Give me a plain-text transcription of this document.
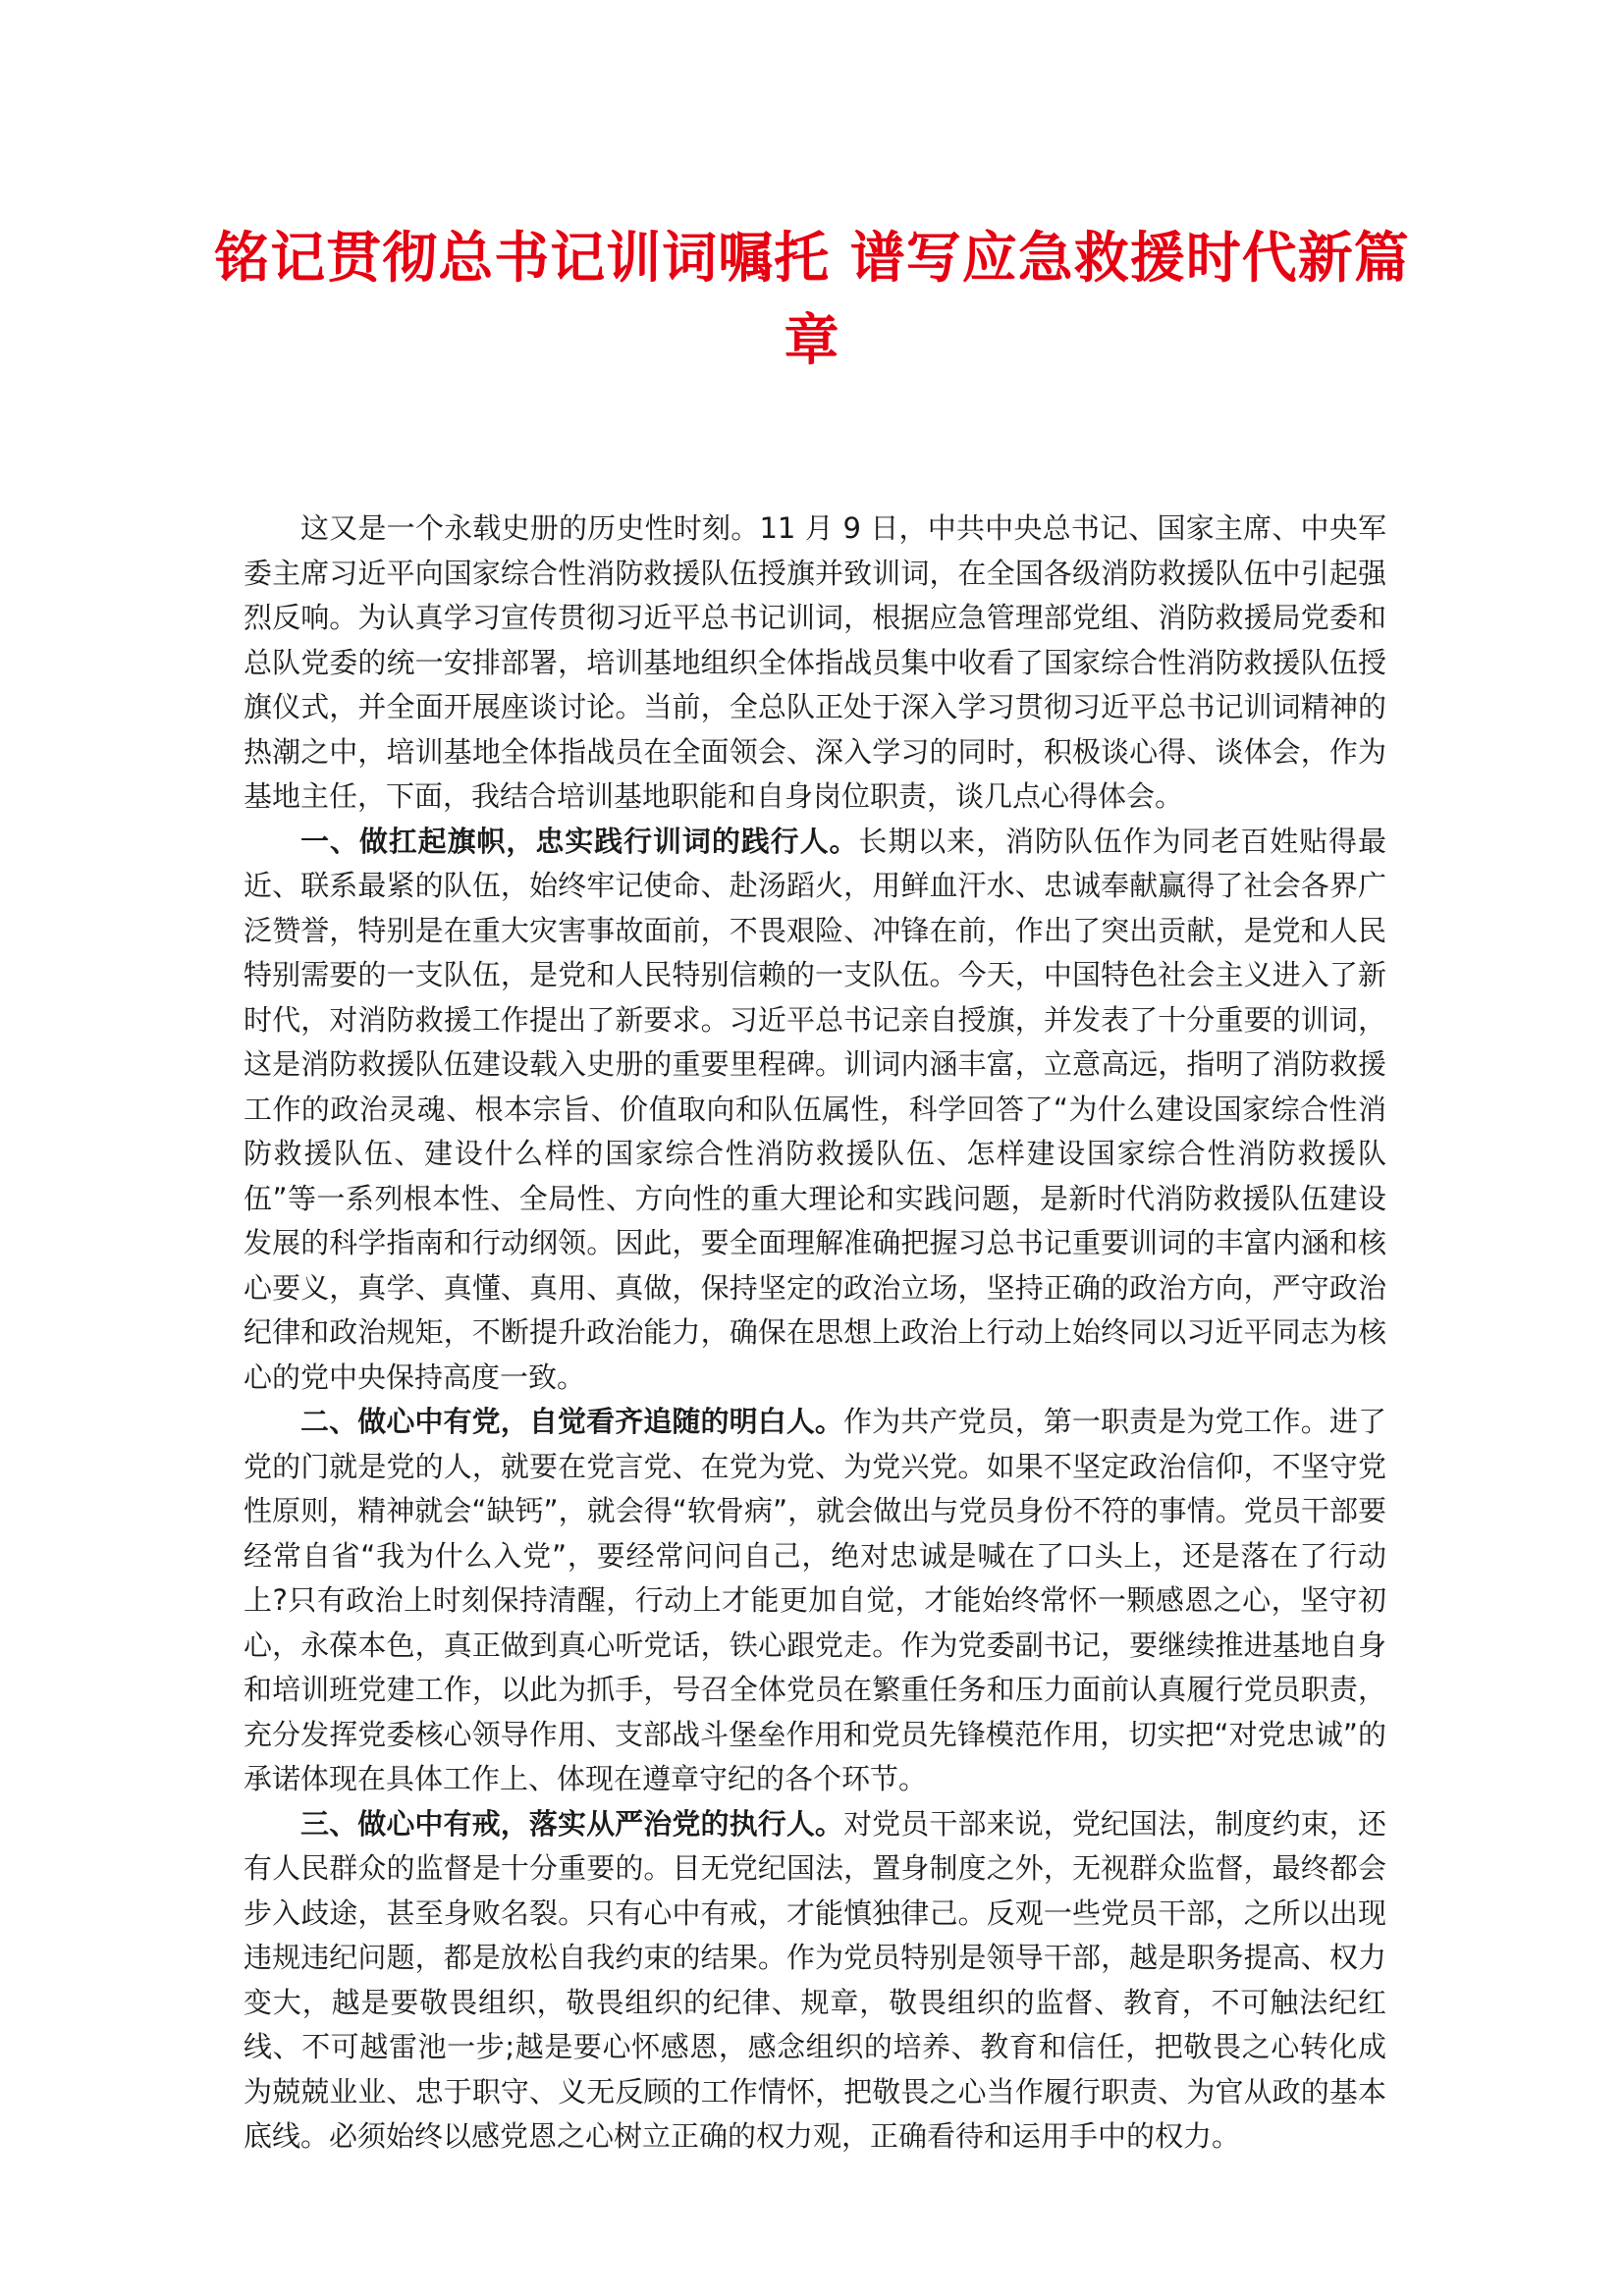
铭记贯彻总书记训词嘱托 谱写应急救援时代新篇章

这又是一个永载史册的历史性时刻。11 月 9 日，中共中央总书记、国家主席、中央军委主席习近平向国家综合性消防救援队伍授旗并致训词，在全国各级消防救援队伍中引起强烈反响。为认真学习宣传贯彻习近平总书记训词，根据应急管理部党组、消防救援局党委和总队党委的统一安排部署，培训基地组织全体指战员集中收看了国家综合性消防救援队伍授旗仪式，并全面开展座谈讨论。当前，全总队正处于深入学习贯彻习近平总书记训词精神的热潮之中，培训基地全体指战员在全面领会、深入学习的同时，积极谈心得、谈体会，作为基地主任，下面，我结合培训基地职能和自身岗位职责，谈几点心得体会。

一、做扛起旗帜，忠实践行训词的践行人。长期以来，消防队伍作为同老百姓贴得最近、联系最紧的队伍，始终牢记使命、赴汤蹈火，用鲜血汗水、忠诚奉献赢得了社会各界广泛赞誉，特别是在重大灾害事故面前，不畏艰险、冲锋在前，作出了突出贡献，是党和人民特别需要的一支队伍，是党和人民特别信赖的一支队伍。今天，中国特色社会主义进入了新时代，对消防救援工作提出了新要求。习近平总书记亲自授旗，并发表了十分重要的训词，这是消防救援队伍建设载入史册的重要里程碑。训词内涵丰富，立意高远，指明了消防救援工作的政治灵魂、根本宗旨、价值取向和队伍属性，科学回答了“为什么建设国家综合性消防救援队伍、建设什么样的国家综合性消防救援队伍、怎样建设国家综合性消防救援队伍”等一系列根本性、全局性、方向性的重大理论和实践问题，是新时代消防救援队伍建设发展的科学指南和行动纲领。因此，要全面理解准确把握习总书记重要训词的丰富内涵和核心要义，真学、真懂、真用、真做，保持坚定的政治立场，坚持正确的政治方向，严守政治纪律和政治规矩，不断提升政治能力，确保在思想上政治上行动上始终同以习近平同志为核心的党中央保持高度一致。

二、做心中有党，自觉看齐追随的明白人。作为共产党员，第一职责是为党工作。进了党的门就是党的人，就要在党言党、在党为党、为党兴党。如果不坚定政治信仰，不坚守党性原则，精神就会“缺钙”，就会得“软骨病”，就会做出与党员身份不符的事情。党员干部要经常自省“我为什么入党”，要经常问问自己，绝对忠诚是喊在了口头上，还是落在了行动上?只有政治上时刻保持清醒，行动上才能更加自觉，才能始终常怀一颗感恩之心，坚守初心，永葆本色，真正做到真心听党话，铁心跟党走。作为党委副书记，要继续推进基地自身和培训班党建工作，以此为抓手，号召全体党员在繁重任务和压力面前认真履行党员职责，充分发挥党委核心领导作用、支部战斗堡垒作用和党员先锋模范作用，切实把“对党忠诚”的承诺体现在具体工作上、体现在遵章守纪的各个环节。

三、做心中有戒，落实从严治党的执行人。对党员干部来说，党纪国法，制度约束，还有人民群众的监督是十分重要的。目无党纪国法，置身制度之外，无视群众监督，最终都会步入歧途，甚至身败名裂。只有心中有戒，才能慎独律己。反观一些党员干部，之所以出现违规违纪问题，都是放松自我约束的结果。作为党员特别是领导干部，越是职务提高、权力变大，越是要敬畏组织，敬畏组织的纪律、规章，敬畏组织的监督、教育，不可触法纪红线、不可越雷池一步;越是要心怀感恩，感念组织的培养、教育和信任，把敬畏之心转化成为兢兢业业、忠于职守、义无反顾的工作情怀，把敬畏之心当作履行职责、为官从政的基本底线。必须始终以感党恩之心树立正确的权力观，正确看待和运用手中的权力。
